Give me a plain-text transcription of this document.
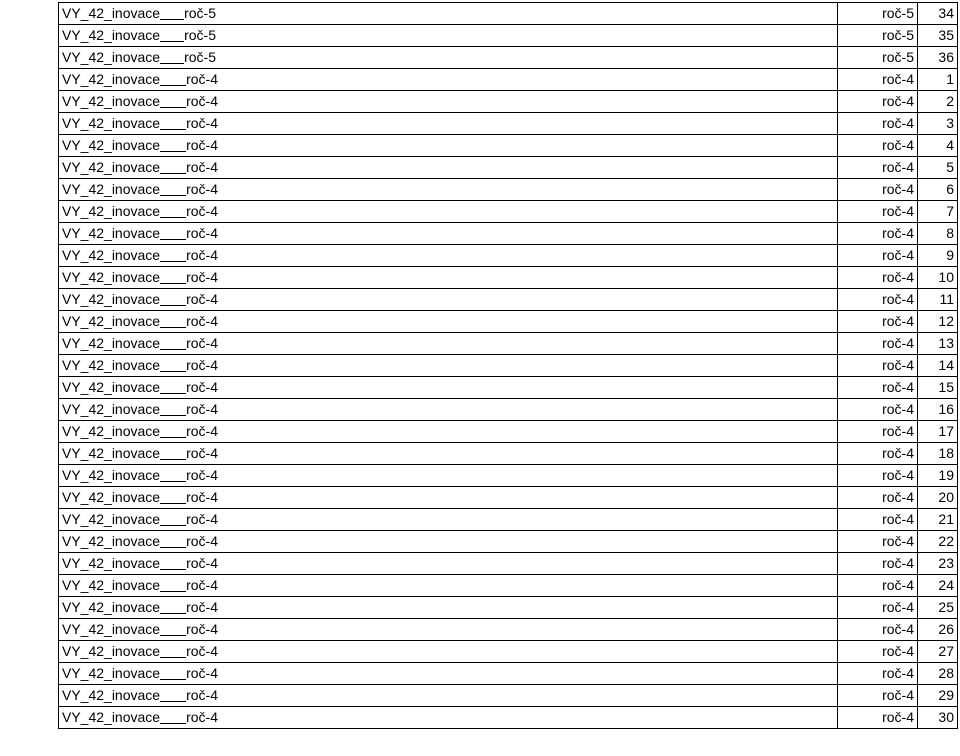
VY_42_inovace roč-5	roč-5	34
VY_42_inovace roč-5	roč-5	35
VY_42_inovace roč-5	roč-5	36
VY_42_inovace roč-4	roč-4	1
VY_42_inovace roč-4	roč-4	2
VY_42_inovace roč-4	roč-4	3
VY_42_inovace roč-4	roč-4	4
VY_42_inovace roč-4	roč-4	5
VY_42_inovace roč-4	roč-4	6
VY_42_inovace roč-4	roč-4	7
VY_42_inovace roč-4	roč-4	8
VY_42_inovace roč-4	roč-4	9
VY_42_inovace roč-4	roč-4	10
VY_42_inovace roč-4	roč-4	11
VY_42_inovace roč-4	roč-4	12
VY_42_inovace roč-4	roč-4	13
VY_42_inovace roč-4	roč-4	14
VY_42_inovace roč-4	roč-4	15
VY_42_inovace roč-4	roč-4	16
VY_42_inovace roč-4	roč-4	17
VY_42_inovace roč-4	roč-4	18
VY_42_inovace roč-4	roč-4	19
VY_42_inovace roč-4	roč-4	20
VY_42_inovace roč-4	roč-4	21
VY_42_inovace roč-4	roč-4	22
VY_42_inovace roč-4	roč-4	23
VY_42_inovace roč-4	roč-4	24
VY_42_inovace roč-4	roč-4	25
VY_42_inovace roč-4	roč-4	26
VY_42_inovace roč-4	roč-4	27
VY_42_inovace roč-4	roč-4	28
VY_42_inovace roč-4	roč-4	29
VY_42_inovace roč-4	roč-4	30
